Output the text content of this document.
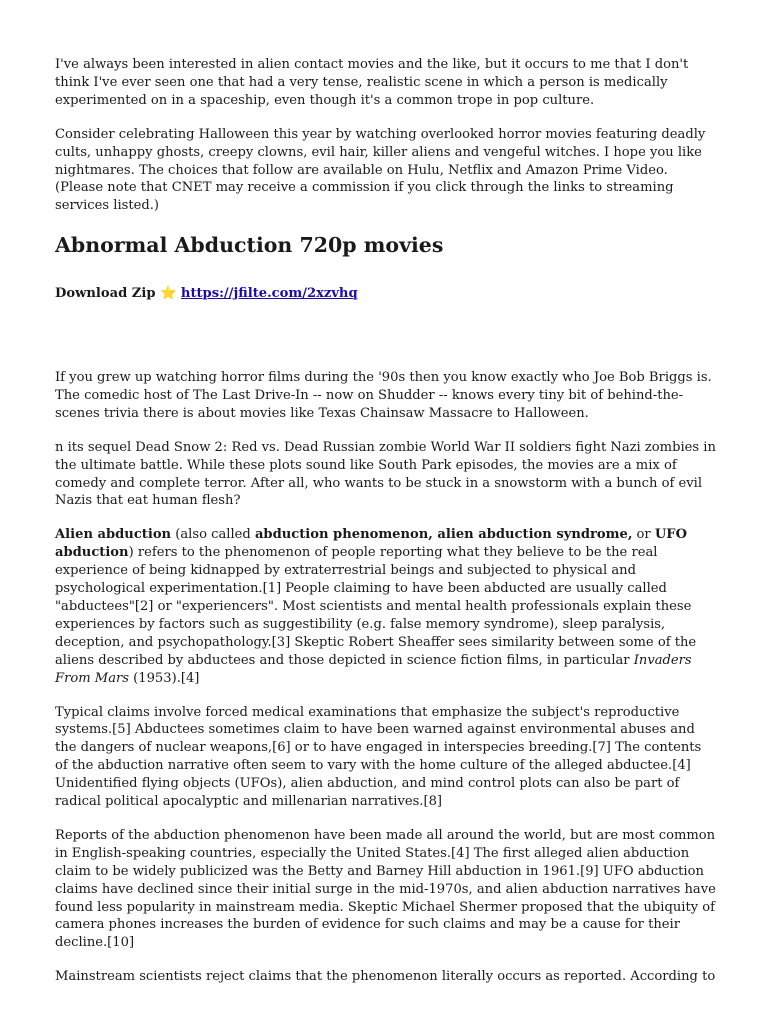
I've always been interested in alien contact movies and the like, but it occurs to me that I don't think I've ever seen one that had a very tense, realistic scene in which a person is medically experimented on in a spaceship, even though it's a common trope in pop culture.

Consider celebrating Halloween this year by watching overlooked horror movies featuring deadly cults, unhappy ghosts, creepy clowns, evil hair, killer aliens and vengeful witches. I hope you like nightmares. The choices that follow are available on Hulu, Netflix and Amazon Prime Video. (Please note that CNET may receive a commission if you click through the links to streaming services listed.)

Abnormal Abduction 720p movies

Download Zip ⭐ https://jfilte.com/2xzvhq

If you grew up watching horror films during the '90s then you know exactly who Joe Bob Briggs is. The comedic host of The Last Drive-In -- now on Shudder -- knows every tiny bit of behind-the-scenes trivia there is about movies like Texas Chainsaw Massacre to Halloween.

n its sequel Dead Snow 2: Red vs. Dead Russian zombie World War II soldiers fight Nazi zombies in the ultimate battle. While these plots sound like South Park episodes, the movies are a mix of comedy and complete terror. After all, who wants to be stuck in a snowstorm with a bunch of evil Nazis that eat human flesh?

Alien abduction (also called abduction phenomenon, alien abduction syndrome, or UFO abduction) refers to the phenomenon of people reporting what they believe to be the real experience of being kidnapped by extraterrestrial beings and subjected to physical and psychological experimentation.[1] People claiming to have been abducted are usually called "abductees"[2] or "experiencers". Most scientists and mental health professionals explain these experiences by factors such as suggestibility (e.g. false memory syndrome), sleep paralysis, deception, and psychopathology.[3] Skeptic Robert Sheaffer sees similarity between some of the aliens described by abductees and those depicted in science fiction films, in particular Invaders From Mars (1953).[4]

Typical claims involve forced medical examinations that emphasize the subject's reproductive systems.[5] Abductees sometimes claim to have been warned against environmental abuses and the dangers of nuclear weapons,[6] or to have engaged in interspecies breeding.[7] The contents of the abduction narrative often seem to vary with the home culture of the alleged abductee.[4] Unidentified flying objects (UFOs), alien abduction, and mind control plots can also be part of radical political apocalyptic and millenarian narratives.[8]

Reports of the abduction phenomenon have been made all around the world, but are most common in English-speaking countries, especially the United States.[4] The first alleged alien abduction claim to be widely publicized was the Betty and Barney Hill abduction in 1961.[9] UFO abduction claims have declined since their initial surge in the mid-1970s, and alien abduction narratives have found less popularity in mainstream media. Skeptic Michael Shermer proposed that the ubiquity of camera phones increases the burden of evidence for such claims and may be a cause for their decline.[10]

Mainstream scientists reject claims that the phenomenon literally occurs as reported. According to
